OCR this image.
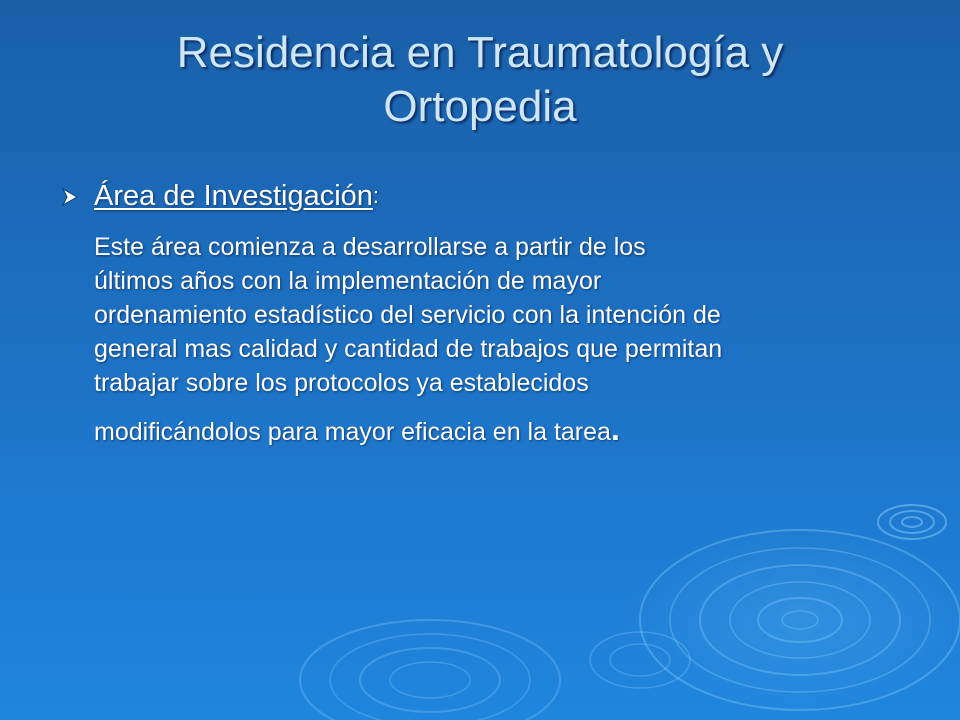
Residencia en Traumatología y
Ortopedia
Área de Investigación :

Este área comienza a desarrollarse a partir de los

últimos años con la implementación de mayor

ordenamiento estadístico del servicio con la intención de

general mas calidad y cantidad de trabajos que permitan

trabajar sobre los protocolos ya establecidos

modificándolos para mayor eficacia en la tarea.
